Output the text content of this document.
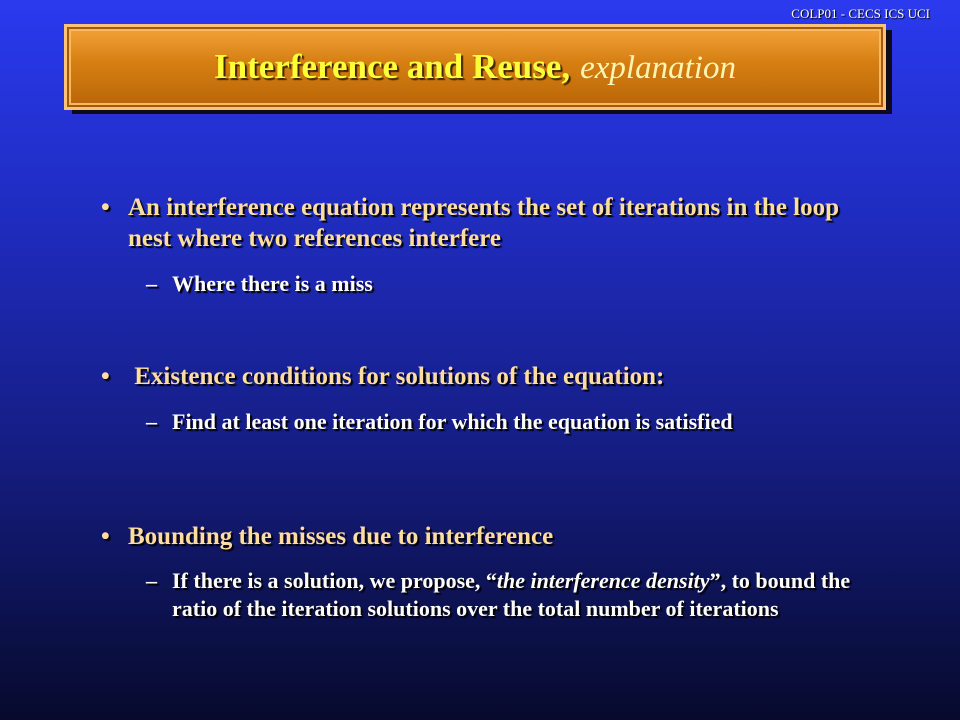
COLP01 - CECS ICS UCI
Interference and Reuse, explanation
• An interference equation represents the set of iterations in the loop nest where two references interfere
– Where there is a miss
• Existence conditions for solutions of the equation:
– Find at least one iteration for which the equation is satisfied
• Bounding the misses due to interference
– If there is a solution, we propose, “the interference density”, to bound the ratio of the iteration solutions over the total number of iterations
